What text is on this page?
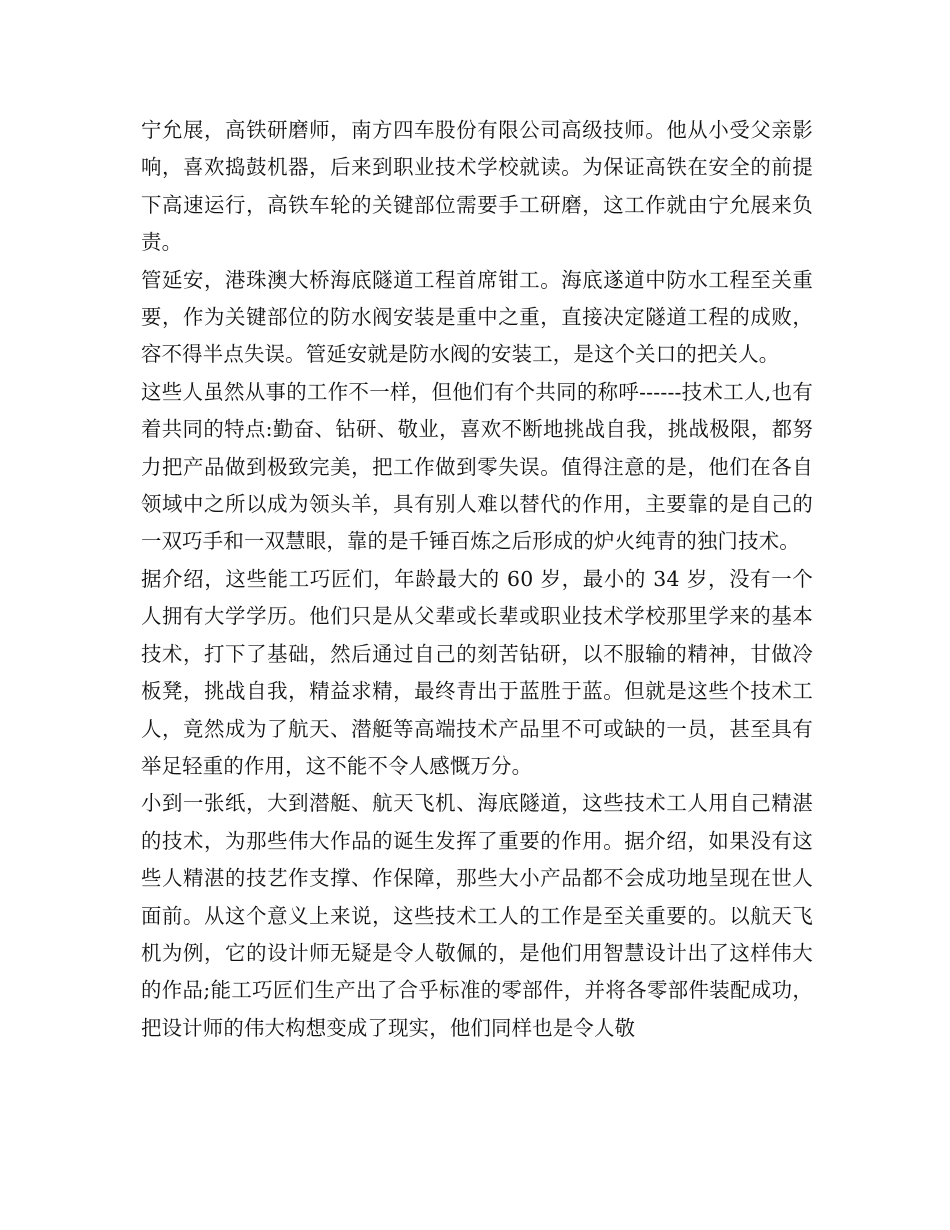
宁允展，高铁研磨师，南方四车股份有限公司高级技师。他从小受父亲影响，喜欢捣鼓机器，后来到职业技术学校就读。为保证高铁在安全的前提下高速运行，高铁车轮的关键部位需要手工研磨，这工作就由宁允展来负责。

管延安，港珠澳大桥海底隧道工程首席钳工。海底遂道中防水工程至关重要，作为关键部位的防水阀安装是重中之重，直接决定隧道工程的成败，容不得半点失误。管延安就是防水阀的安装工，是这个关口的把关人。

这些人虽然从事的工作不一样，但他们有个共同的称呼------技术工人,也有着共同的特点:勤奋、钻研、敬业，喜欢不断地挑战自我，挑战极限，都努力把产品做到极致完美，把工作做到零失误。值得注意的是，他们在各自领域中之所以成为领头羊，具有别人难以替代的作用，主要靠的是自己的一双巧手和一双慧眼，靠的是千锤百炼之后形成的炉火纯青的独门技术。

据介绍，这些能工巧匠们，年龄最大的 60 岁，最小的 34 岁，没有一个人拥有大学学历。他们只是从父辈或长辈或职业技术学校那里学来的基本技术，打下了基础，然后通过自己的刻苦钻研，以不服输的精神，甘做冷板凳，挑战自我，精益求精，最终青出于蓝胜于蓝。但就是这些个技术工人，竟然成为了航天、潜艇等高端技术产品里不可或缺的一员，甚至具有举足轻重的作用，这不能不令人感慨万分。

小到一张纸，大到潜艇、航天飞机、海底隧道，这些技术工人用自己精湛的技术，为那些伟大作品的诞生发挥了重要的作用。据介绍，如果没有这些人精湛的技艺作支撑、作保障，那些大小产品都不会成功地呈现在世人面前。从这个意义上来说，这些技术工人的工作是至关重要的。以航天飞机为例，它的设计师无疑是令人敬佩的，是他们用智慧设计出了这样伟大的作品;能工巧匠们生产出了合乎标准的零部件，并将各零部件装配成功，把设计师的伟大构想变成了现实，他们同样也是令人敬
